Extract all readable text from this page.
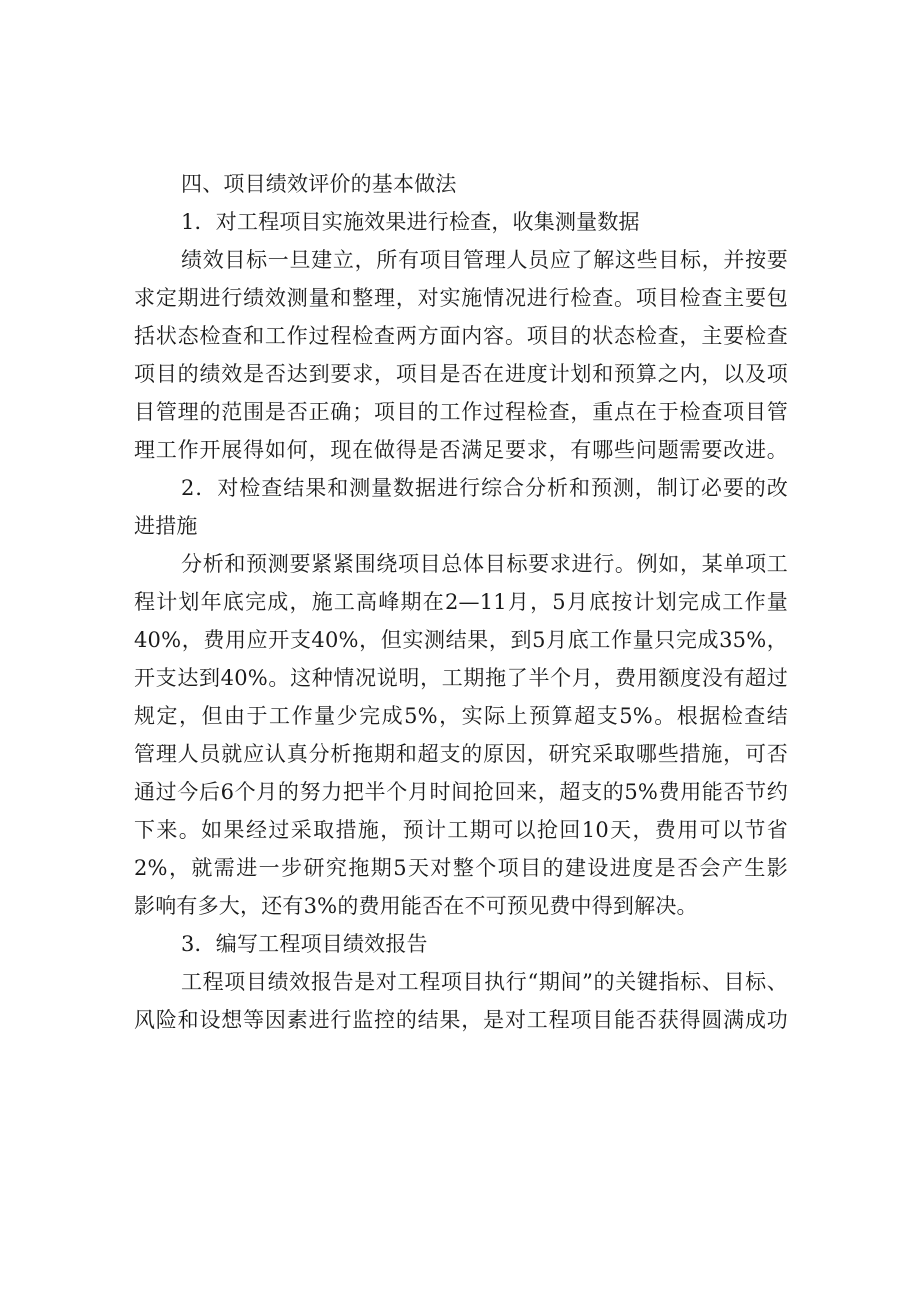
四、项目绩效评价的基本做法
1．对工程项目实施效果进行检查，收集测量数据
绩效目标一旦建立，所有项目管理人员应了解这些目标，并按要
求定期进行绩效测量和整理，对实施情况进行检查。项目检查主要包
括状态检查和工作过程检查两方面内容。项目的状态检查，主要检查
项目的绩效是否达到要求，项目是否在进度计划和预算之内，以及项
目管理的范围是否正确；项目的工作过程检查，重点在于检查项目管
理工作开展得如何，现在做得是否满足要求，有哪些问题需要改进。
2．对检查结果和测量数据进行综合分析和预测，制订必要的改
进措施
分析和预测要紧紧围绕项目总体目标要求进行。例如，某单项工
程计划年底完成，施工高峰期在2—11月，5月底按计划完成工作量
40%，费用应开支40%，但实测结果，到5月底工作量只完成35%，
开支达到40%。这种情况说明，工期拖了半个月，费用额度没有超过
规定，但由于工作量少完成5%，实际上预算超支5%。根据检查结
管理人员就应认真分析拖期和超支的原因，研究采取哪些措施，可否
通过今后6个月的努力把半个月时间抢回来，超支的5%费用能否节约
下来。如果经过采取措施，预计工期可以抢回10天，费用可以节省
2%，就需进一步研究拖期5天对整个项目的建设进度是否会产生影
影响有多大，还有3%的费用能否在不可预见费中得到解决。
3．编写工程项目绩效报告
工程项目绩效报告是对工程项目执行“期间”的关键指标、目标、
风险和设想等因素进行监控的结果，是对工程项目能否获得圆满成功
